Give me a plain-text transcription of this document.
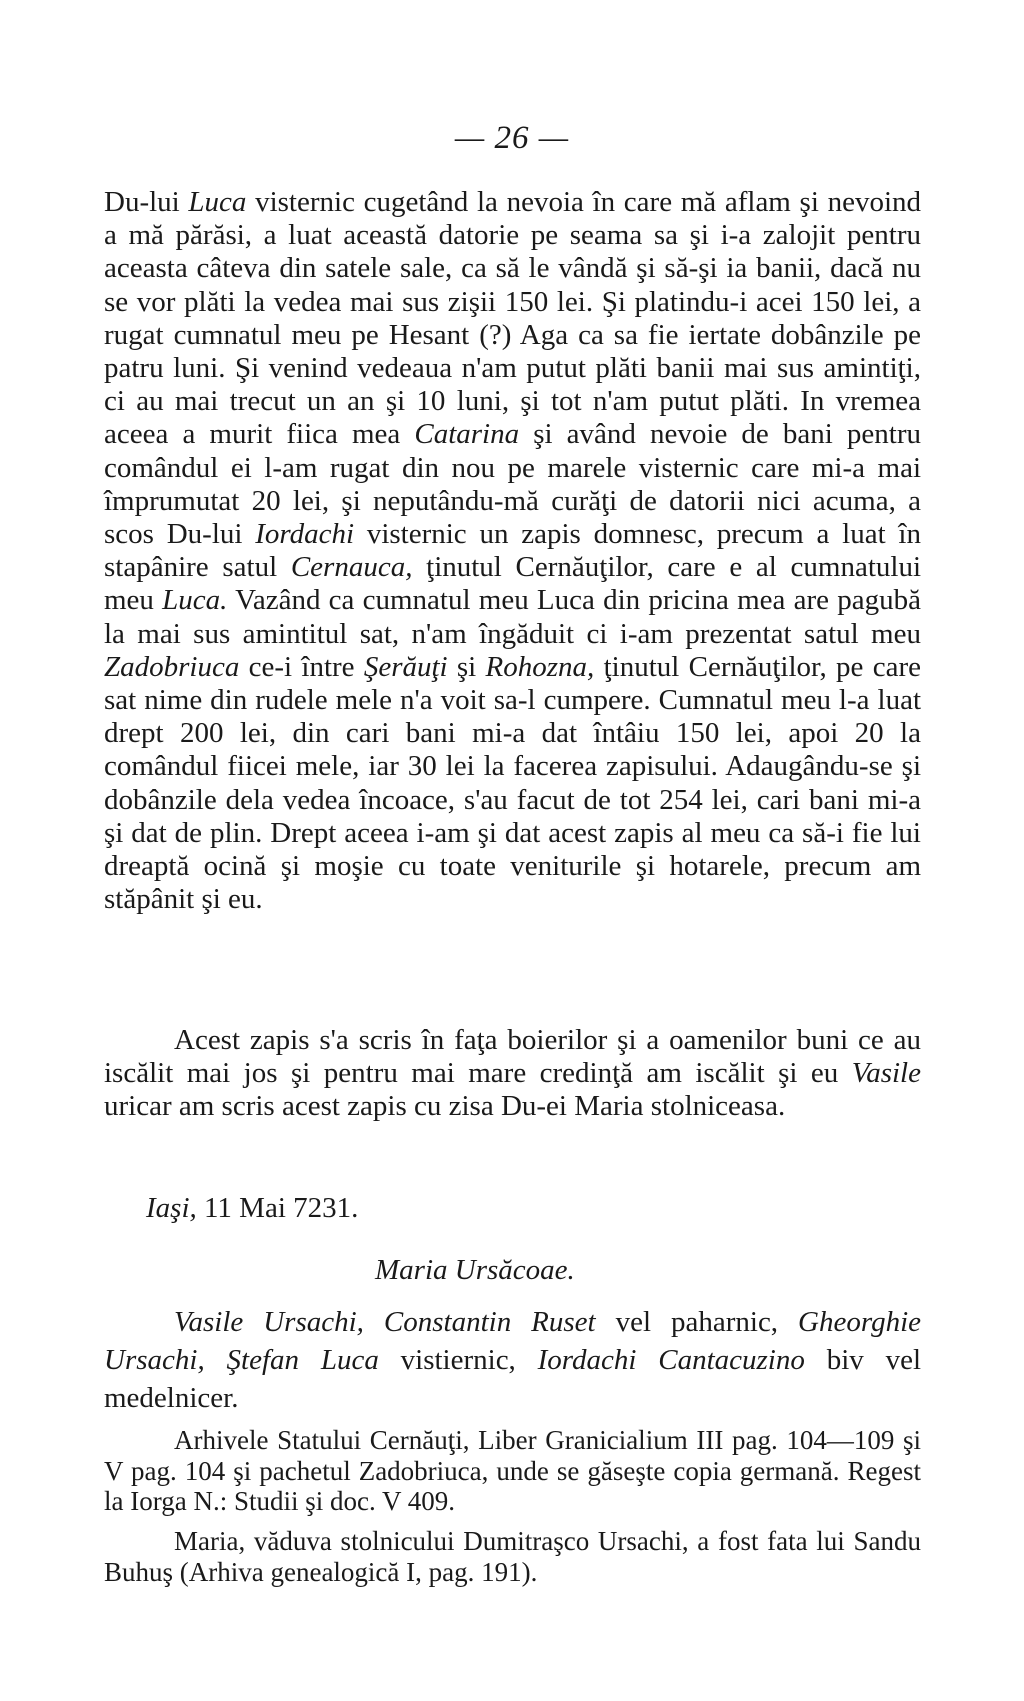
— 26 —
Du-lui Luca visternic cugetând la nevoia în care mă aflam şi nevoind a mă părăsi, a luat această datorie pe seama sa şi i-a zalojit pentru aceasta câteva din satele sale, ca să le vândă şi să-şi ia banii, dacă nu se vor plăti la vedea mai sus zişii 150 lei. Şi platindu-i acei 150 lei, a rugat cumnatul meu pe Hesant (?) Aga ca sa fie iertate dobânzile pe patru luni. Şi venind vedeaua n'am putut plăti banii mai sus amintiţi, ci au mai trecut un an şi 10 luni, şi tot n'am putut plăti. In vremea aceea a murit fiica mea Catarina şi având nevoie de bani pentru comândul ei l-am rugat din nou pe marele visternic care mi-a mai împrumutat 20 lei, şi neputându-mă curăţi de datorii nici acuma, a scos Du-lui Iordachi visternic un zapis domnesc, precum a luat în stapânire satul Cernauca, ţinutul Cernăuţilor, care e al cumnatului meu Luca. Vazând ca cumnatul meu Luca din pricina mea are pagubă la mai sus amintitul sat, n'am îngăduit ci i-am prezentat satul meu Zadobriuca ce-i între Şerăuţi şi Rohozna, ţinutul Cernăuţilor, pe care sat nime din rudele mele n'a voit sa-l cumpere. Cumnatul meu l-a luat drept 200 lei, din cari bani mi-a dat întâiu 150 lei, apoi 20 la comândul fiicei mele, iar 30 lei la facerea zapisului. Adaugându-se şi dobânzile dela vedea încoace, s'au facut de tot 254 lei, cari bani mi-a şi dat de plin. Drept aceea i-am şi dat acest zapis al meu ca să-i fie lui dreaptă ocină şi moşie cu toate veniturile şi hotarele, precum am stăpânit şi eu.
Acest zapis s'a scris în faţa boierilor şi a oamenilor buni ce au iscălit mai jos şi pentru mai mare credinţă am iscălit şi eu Vasile uricar am scris acest zapis cu zisa Du-ei Maria stolniceasa.
Iaşi, 11 Mai 7231.
Maria Ursăcoae.
Vasile Ursachi, Constantin Ruset vel paharnic, Gheorghie Ursachi, Ştefan Luca vistiernic, Iordachi Cantacuzino biv vel medelnicer.
Arhivele Statului Cernăuţi, Liber Granicialium III pag. 104—109 şi V pag. 104 şi pachetul Zadobriuca, unde se găseşte copia germană. Regest la Iorga N.: Studii şi doc. V 409.
Maria, văduva stolnicului Dumitraşco Ursachi, a fost fata lui Sandu Buhuş (Arhiva genealogică I, pag. 191).
